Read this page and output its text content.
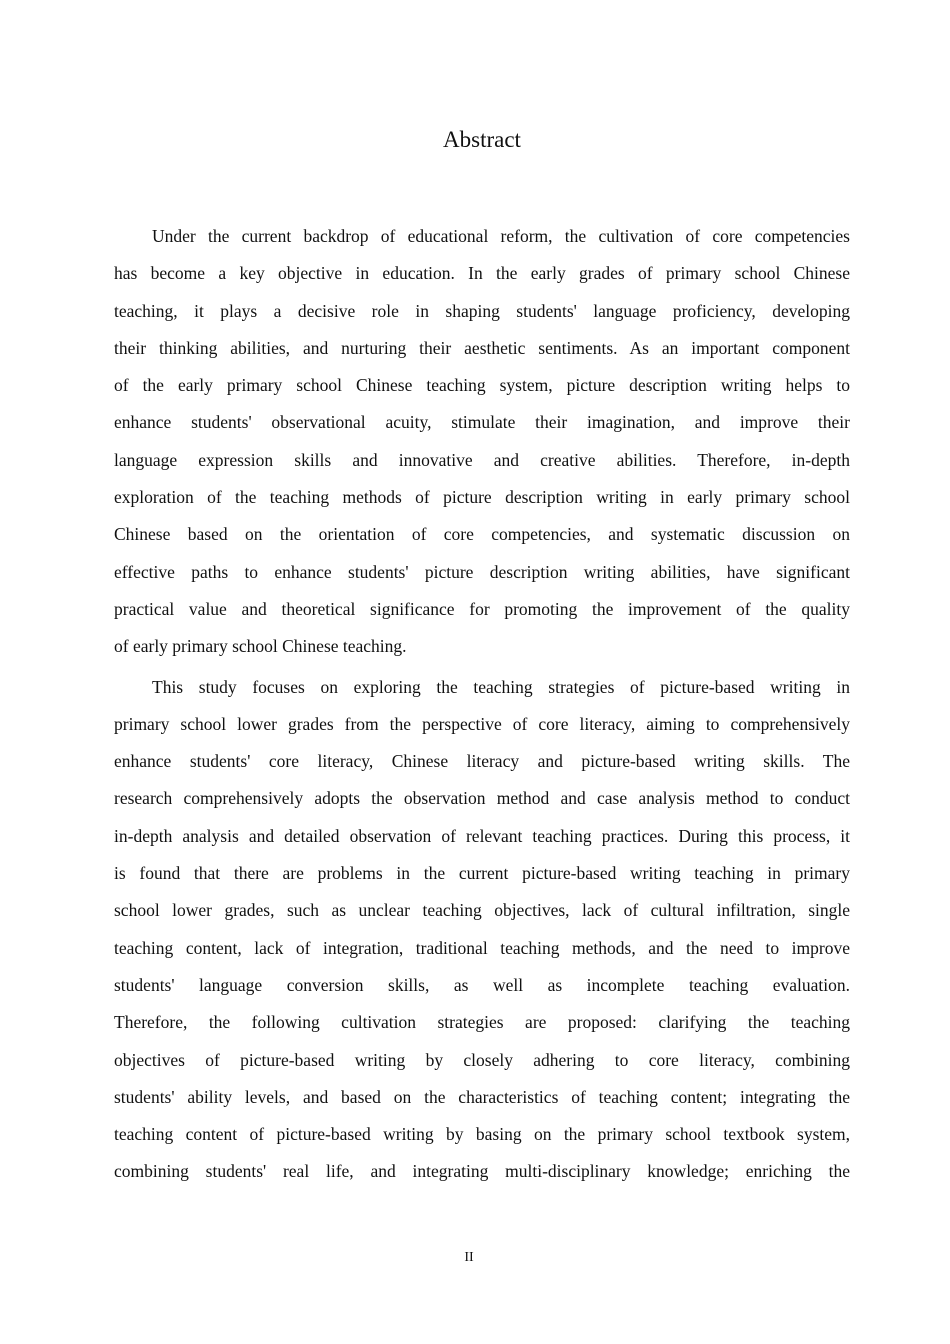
Abstract
Under the current backdrop of educational reform, the cultivation of core competencies
has become a key objective in education. In the early grades of primary school Chinese
teaching, it plays a decisive role in shaping students' language proficiency, developing
their thinking abilities, and nurturing their aesthetic sentiments. As an important component
of the early primary school Chinese teaching system, picture description writing helps to
enhance students' observational acuity, stimulate their imagination, and improve their
language expression skills and innovative and creative abilities. Therefore, in-depth
exploration of the teaching methods of picture description writing in early primary school
Chinese based on the orientation of core competencies, and systematic discussion on
effective paths to enhance students' picture description writing abilities, have significant
practical value and theoretical significance for promoting the improvement of the quality
of early primary school Chinese teaching.
This study focuses on exploring the teaching strategies of picture-based writing in
primary school lower grades from the perspective of core literacy, aiming to comprehensively
enhance students' core literacy, Chinese literacy and picture-based writing skills. The
research comprehensively adopts the observation method and case analysis method to conduct
in-depth analysis and detailed observation of relevant teaching practices. During this process, it
is found that there are problems in the current picture-based writing teaching in primary
school lower grades, such as unclear teaching objectives, lack of cultural infiltration, single
teaching content, lack of integration, traditional teaching methods, and the need to improve
students' language conversion skills, as well as incomplete teaching evaluation.
Therefore, the following cultivation strategies are proposed: clarifying the teaching
objectives of picture-based writing by closely adhering to core literacy, combining
students' ability levels, and based on the characteristics of teaching content; integrating the
teaching content of picture-based writing by basing on the primary school textbook system,
combining students' real life, and integrating multi-disciplinary knowledge; enriching the
II
